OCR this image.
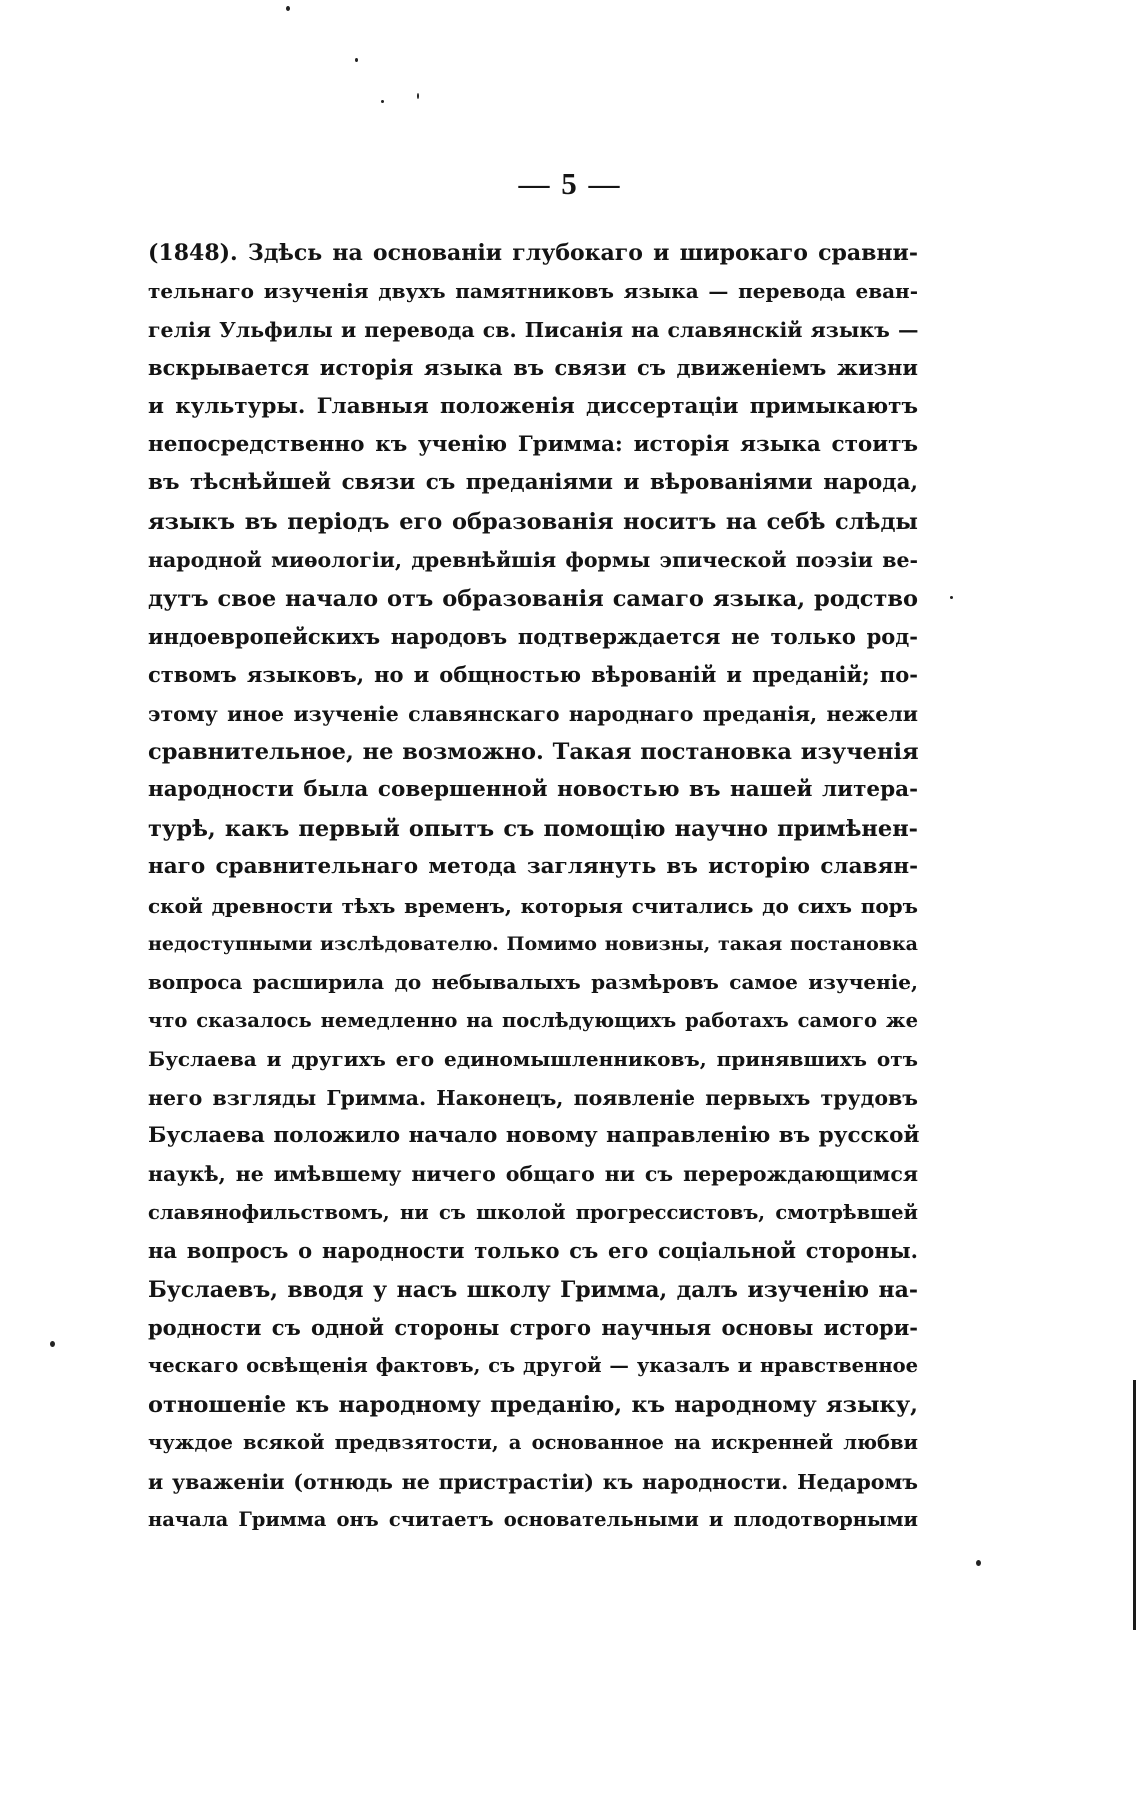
— 5 —
(1848). Здѣсь на основанiи глубокаго и широкаго сравни-
тельнаго изученiя двухъ памятниковъ языка — перевода еван-
гелiя Ульфилы и перевода св. Писанiя на славянскiй языкъ —
вскрывается исторiя языка въ связи съ движенiемъ жизни
и культуры. Главныя положенiя диссертацiи примыкаютъ
непосредственно къ ученiю Гримма: исторiя языка стоитъ
въ тѣснѣйшей связи съ преданiями и вѣрованiями народа,
языкъ въ перiодъ его образованiя носитъ на себѣ слѣды
народной миѳологiи, древнѣйшiя формы эпической поэзiи ве-
дутъ свое начало отъ образованiя самаго языка, родство
индоевропейскихъ народовъ подтверждается не только род-
ствомъ языковъ, но и общностью вѣрованiй и преданiй; по-
этому иное изученiе славянскаго народнаго преданiя, нежели
сравнительное, не возможно. Такая постановка изученiя
народности была совершенной новостью въ нашей литера-
турѣ, какъ первый опытъ съ помощiю научно примѣнен-
наго сравнительнаго метода заглянуть въ исторiю славян-
ской древности тѣхъ временъ, которыя считались до сихъ поръ
недоступными изслѣдователю. Помимо новизны, такая постановка
вопроса расширила до небывалыхъ размѣровъ самое изученiе,
что сказалось немедленно на послѣдующихъ работахъ самого же
Буслаева и другихъ его единомышленниковъ, принявшихъ отъ
него взгляды Гримма. Наконецъ, появленiе первыхъ трудовъ
Буслаева положило начало новому направленiю въ русской
наукѣ, не имѣвшему ничего общаго ни съ перерождающимся
славянофильствомъ, ни съ школой прогрессистовъ, смотрѣвшей
на вопросъ о народности только съ его соцiальной стороны.
Буслаевъ, вводя у насъ школу Гримма, далъ изученiю на-
родности съ одной стороны строго научныя основы истори-
ческаго освѣщенiя фактовъ, съ другой — указалъ и нравственное
отношенiе къ народному преданiю, къ народному языку,
чуждое всякой предвзятости, а основанное на искренней любви
и уваженiи (отнюдь не пристрастiи) къ народности. Недаромъ
начала Гримма онъ считаетъ основательными и плодотворными
